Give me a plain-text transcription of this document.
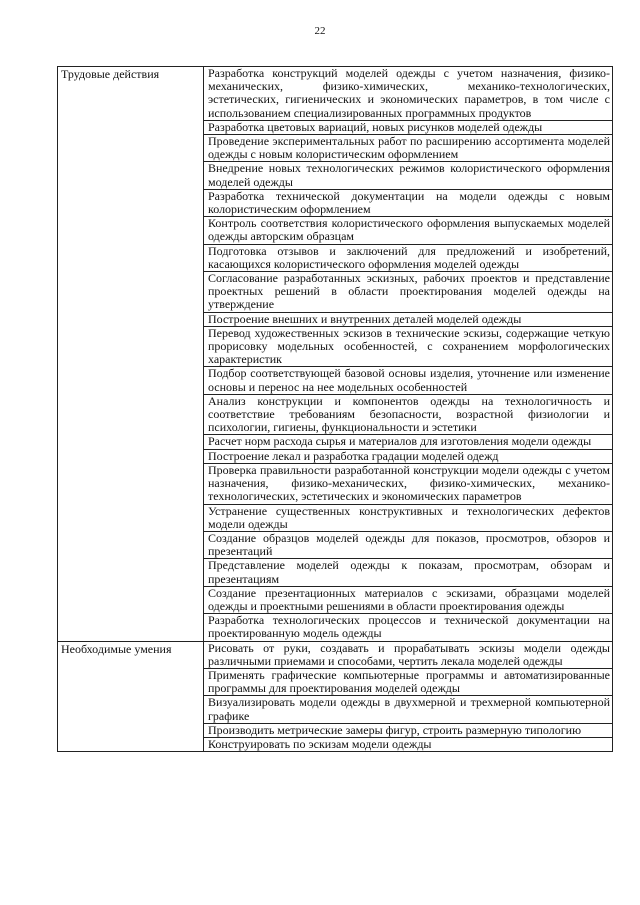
22
Трудовые действия	Разработка конструкций моделей одежды с учетом назначения, физико-механических, физико-химических, механико-технологических, эстетических, гигиенических и экономических параметров, в том числе с использованием специализированных программных продуктов

	Разработка цветовых вариаций, новых рисунков моделей одежды

	Проведение экспериментальных работ по расширению ассортимента моделей одежды с новым колористическим оформлением

	Внедрение новых технологических режимов колористического оформления моделей одежды

	Разработка технической документации на модели одежды с новым колористическим оформлением

	Контроль соответствия колористического оформления выпускаемых моделей одежды авторским образцам

	Подготовка отзывов и заключений для предложений и изобретений, касающихся колористического оформления моделей одежды

	Согласование разработанных эскизных, рабочих проектов и представление проектных решений в области проектирования моделей одежды на утверждение

	Построение внешних и внутренних деталей моделей одежды

	Перевод художественных эскизов в технические эскизы, содержащие четкую прорисовку модельных особенностей, с сохранением морфологических характеристик

	Подбор соответствующей базовой основы изделия, уточнение или изменение основы и перенос на нее модельных особенностей

	Анализ конструкции и компонентов одежды на технологичность и соответствие требованиям безопасности, возрастной физиологии и психологии, гигиены, функциональности и эстетики

	Расчет норм расхода сырья и материалов для изготовления модели одежды

	Построение лекал и разработка градации моделей одежд

	Проверка правильности разработанной конструкции модели одежды с учетом назначения, физико-механических, физико-химических, механико-технологических, эстетических и экономических параметров

	Устранение существенных конструктивных и технологических дефектов модели одежды

	Создание образцов моделей одежды для показов, просмотров, обзоров и презентаций

	Представление моделей одежды к показам, просмотрам, обзорам и презентациям

	Создание презентационных материалов с эскизами, образцами моделей одежды и проектными решениями в области проектирования одежды

	Разработка технологических процессов и технической документации на проектированную модель одежды

Необходимые умения	Рисовать от руки, создавать и прорабатывать эскизы модели одежды различными приемами и способами, чертить лекала моделей одежды

	Применять графические компьютерные программы и автоматизированные программы для проектирования моделей одежды

	Визуализировать модели одежды в двухмерной и трехмерной компьютерной графике

	Производить метрические замеры фигур, строить размерную типологию

	Конструировать по эскизам модели одежды
